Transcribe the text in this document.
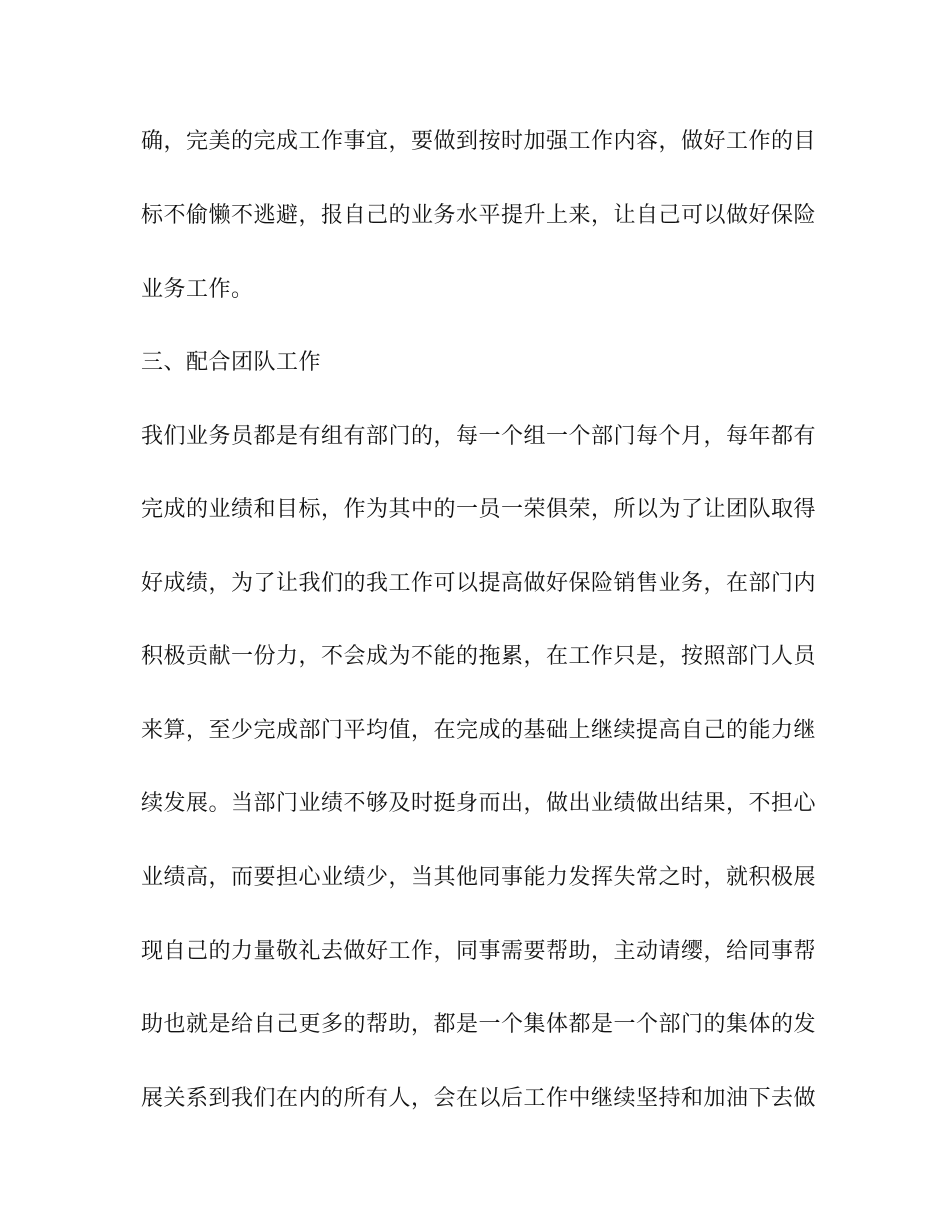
确，完美的完成工作事宜，要做到按时加强工作内容，做好工作的目
标不偷懒不逃避，报自己的业务水平提升上来，让自己可以做好保险
业务工作。
三、配合团队工作
我们业务员都是有组有部门的，每一个组一个部门每个月，每年都有
完成的业绩和目标，作为其中的一员一荣俱荣，所以为了让团队取得
好成绩，为了让我们的我工作可以提高做好保险销售业务，在部门内
积极贡献一份力，不会成为不能的拖累，在工作只是，按照部门人员
来算，至少完成部门平均值，在完成的基础上继续提高自己的能力继
续发展。当部门业绩不够及时挺身而出，做出业绩做出结果，不担心
业绩高，而要担心业绩少，当其他同事能力发挥失常之时，就积极展
现自己的力量敬礼去做好工作，同事需要帮助，主动请缨，给同事帮
助也就是给自己更多的帮助，都是一个集体都是一个部门的集体的发
展关系到我们在内的所有人，会在以后工作中继续坚持和加油下去做
